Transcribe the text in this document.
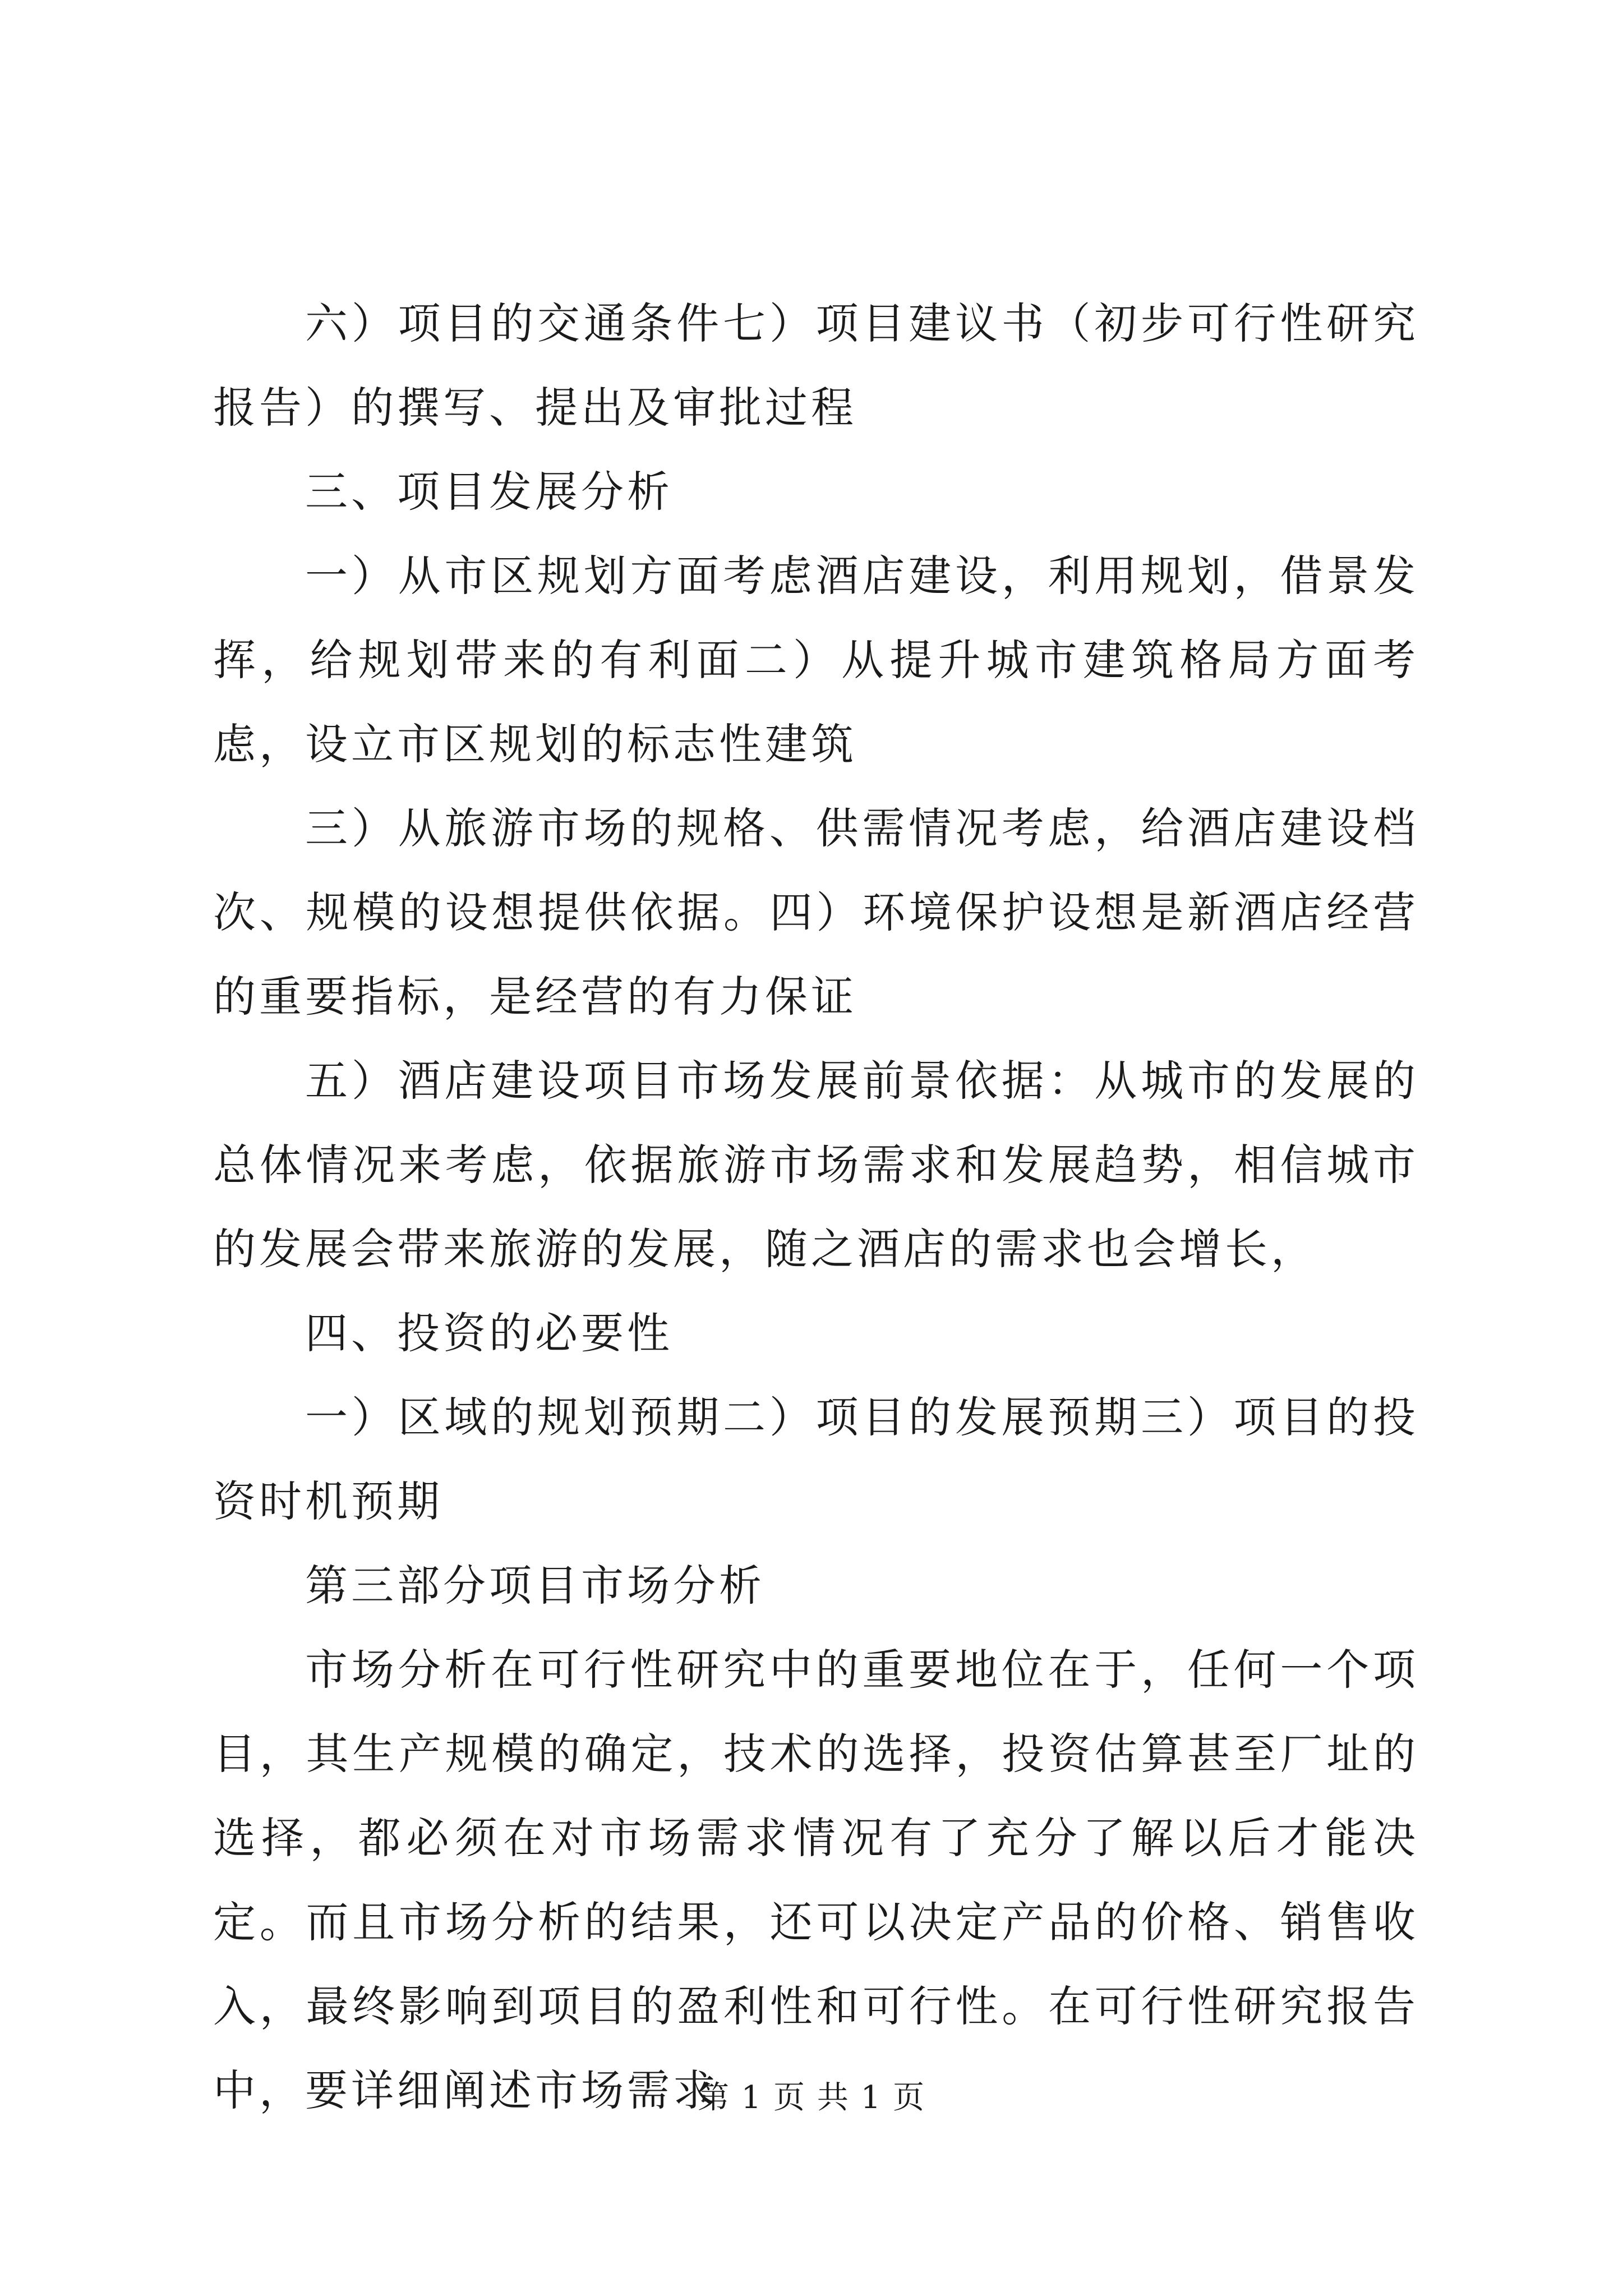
六）项目的交通条件七）项目建议书（初步可行性研究报告）的撰写、提出及审批过程

三、项目发展分析

一）从市区规划方面考虑酒店建设，利用规划，借景发挥，给规划带来的有利面二）从提升城市建筑格局方面考虑，设立市区规划的标志性建筑

三）从旅游市场的规格、供需情况考虑，给酒店建设档次、规模的设想提供依据。四）环境保护设想是新酒店经营的重要指标，是经营的有力保证

五）酒店建设项目市场发展前景依据：从城市的发展的总体情况来考虑，依据旅游市场需求和发展趋势，相信城市的发展会带来旅游的发展，随之酒店的需求也会增长，

四、投资的必要性

一）区域的规划预期二）项目的发展预期三）项目的投资时机预期

第三部分项目市场分析

市场分析在可行性研究中的重要地位在于，任何一个项目，其生产规模的确定，技术的选择，投资估算甚至厂址的选择，都必须在对市场需求情况有了充分了解以后才能决定。而且市场分析的结果，还可以决定产品的价格、销售收入，最终影响到项目的盈利性和可行性。在可行性研究报告中，要详细阐述市场需求

第 1 页 共 1 页
